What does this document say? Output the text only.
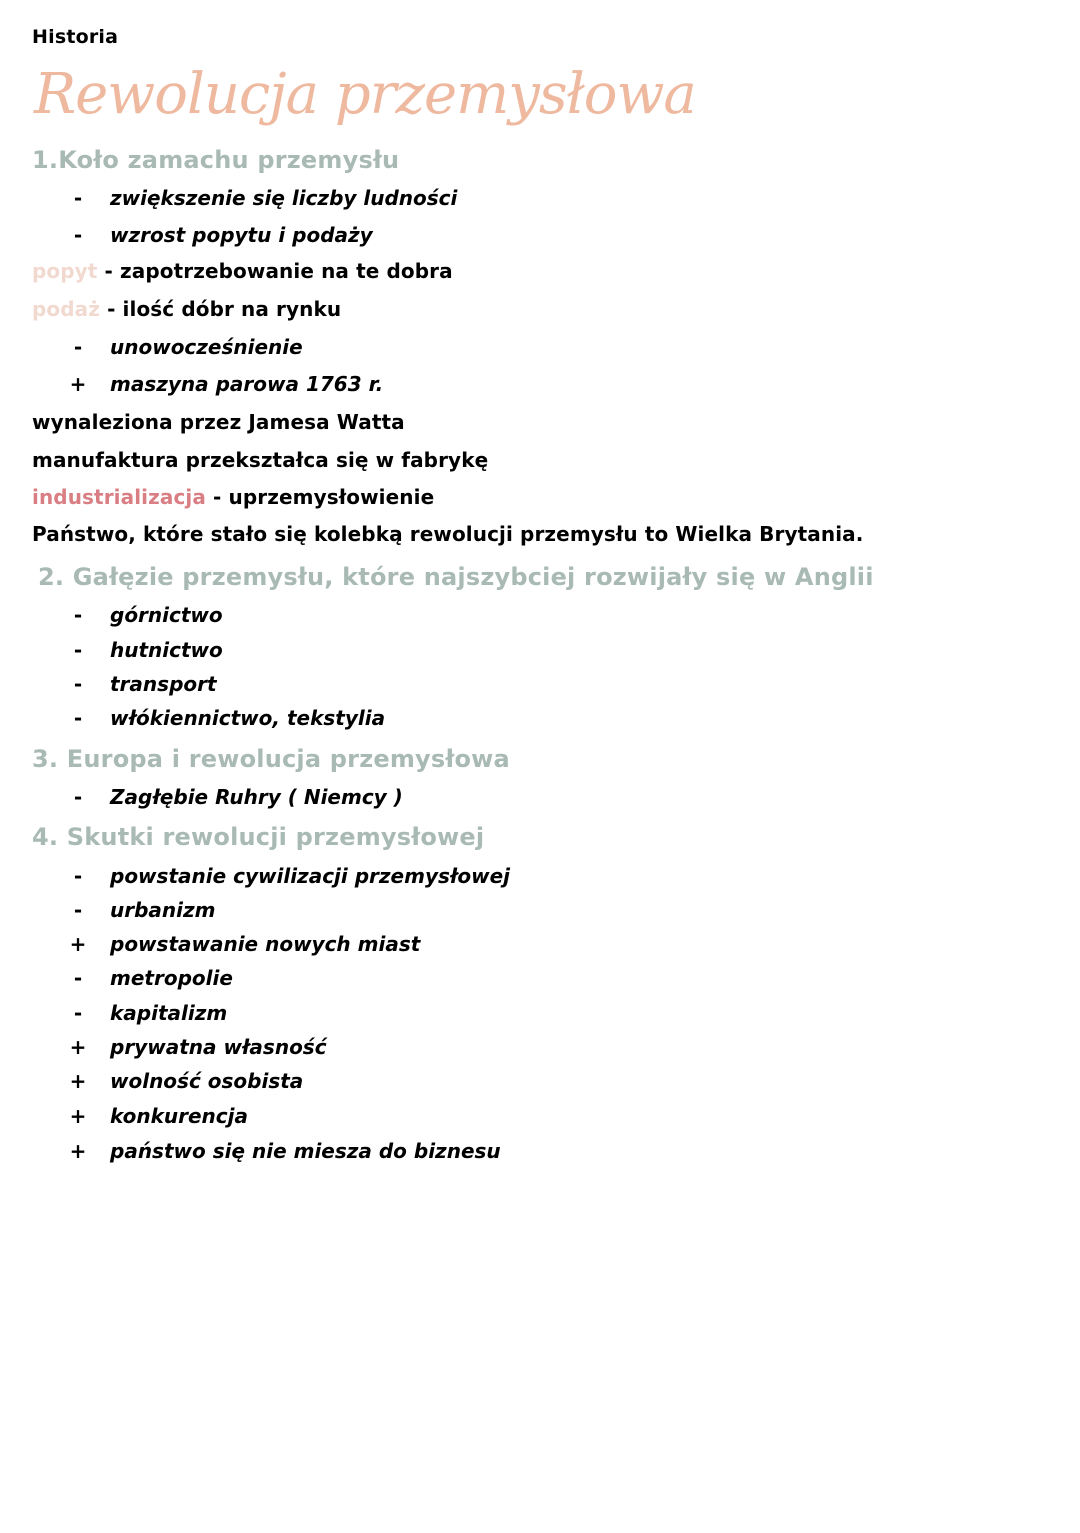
Historia
Rewolucja przemysłowa
1.Koło zamachu przemysłu
- zwiększenie się liczby ludności
- wzrost popytu i podaży
popyt - zapotrzebowanie na te dobra
podaż - ilość dóbr na rynku
- unowocześnienie
+ maszyna parowa 1763 r.
wynaleziona przez Jamesa Watta
manufaktura przekształca się w fabrykę
industrializacja - uprzemysłowienie
Państwo, które stało się kolebką rewolucji przemysłu to Wielka Brytania.
2. Gałęzie przemysłu, które najszybciej rozwijały się w Anglii
- górnictwo
- hutnictwo
- transport
- włókiennictwo, tekstylia
3. Europa i rewolucja przemysłowa
- Zagłębie Ruhry ( Niemcy )
4. Skutki rewolucji przemysłowej
- powstanie cywilizacji przemysłowej
- urbanizm
+ powstawanie nowych miast
- metropolie
- kapitalizm
+ prywatna własność
+ wolność osobista
+ konkurencja
+ państwo się nie miesza do biznesu
